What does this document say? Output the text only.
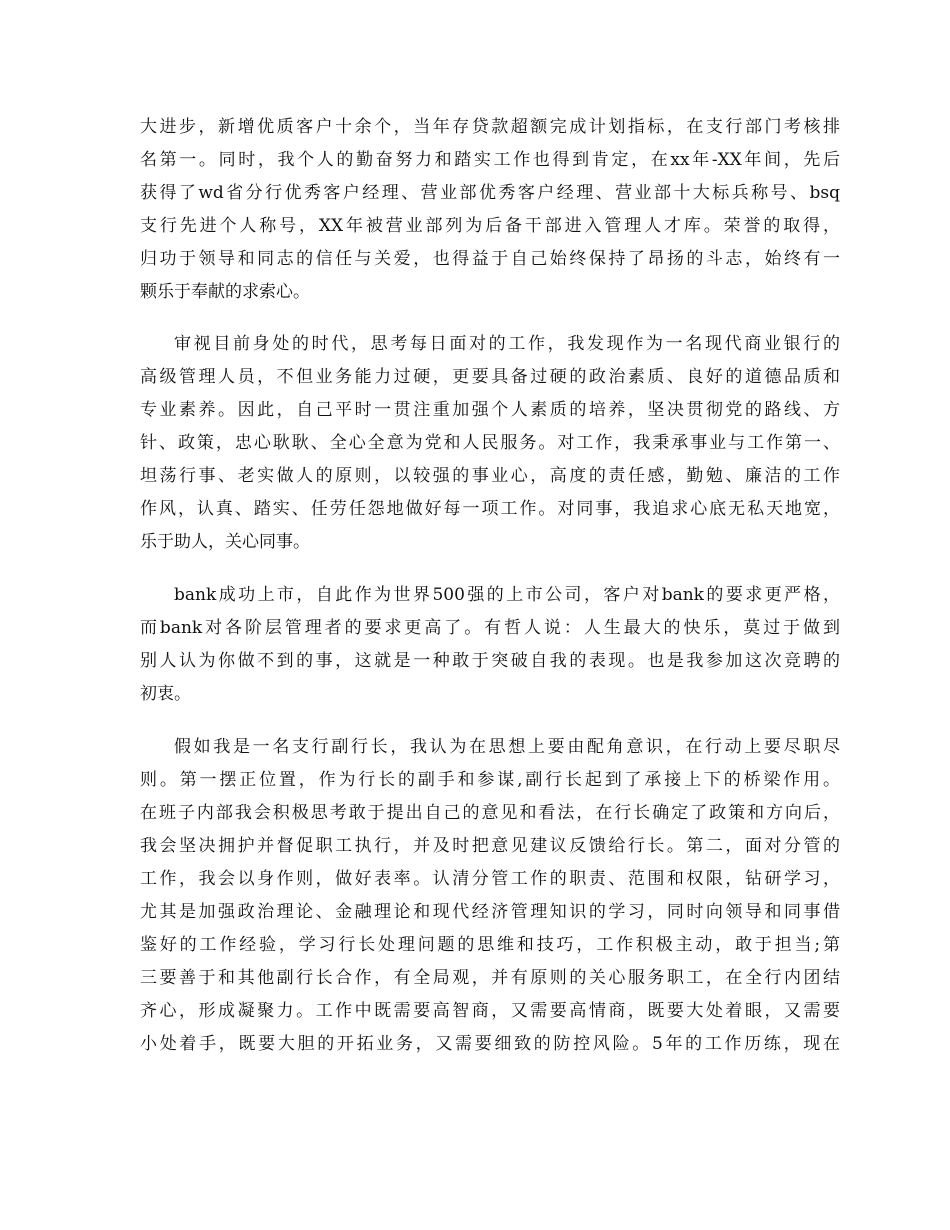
大进步，新增优质客户十余个，当年存贷款超额完成计划指标，在支行部门考核排
名第一。同时，我个人的勤奋努力和踏实工作也得到肯定，在xx年-XX年间，先后
获得了wd省分行优秀客户经理、营业部优秀客户经理、营业部十大标兵称号、bsq
支行先进个人称号，XX年被营业部列为后备干部进入管理人才库。荣誉的取得，
归功于领导和同志的信任与关爱，也得益于自己始终保持了昂扬的斗志，始终有一
颗乐于奉献的求索心。
审视目前身处的时代，思考每日面对的工作，我发现作为一名现代商业银行的
高级管理人员，不但业务能力过硬，更要具备过硬的政治素质、良好的道德品质和
专业素养。因此，自己平时一贯注重加强个人素质的培养，坚决贯彻党的路线、方
针、政策，忠心耿耿、全心全意为党和人民服务。对工作，我秉承事业与工作第一、
坦荡行事、老实做人的原则，以较强的事业心，高度的责任感，勤勉、廉洁的工作
作风，认真、踏实、任劳任怨地做好每一项工作。对同事，我追求心底无私天地宽，
乐于助人，关心同事。
bank成功上市，自此作为世界500强的上市公司，客户对bank的要求更严格，
而bank对各阶层管理者的要求更高了。有哲人说：人生最大的快乐，莫过于做到
别人认为你做不到的事，这就是一种敢于突破自我的表现。也是我参加这次竞聘的
初衷。
假如我是一名支行副行长，我认为在思想上要由配角意识，在行动上要尽职尽
则。第一摆正位置，作为行长的副手和参谋,副行长起到了承接上下的桥梁作用。
在班子内部我会积极思考敢于提出自己的意见和看法，在行长确定了政策和方向后，
我会坚决拥护并督促职工执行，并及时把意见建议反馈给行长。第二，面对分管的
工作，我会以身作则，做好表率。认清分管工作的职责、范围和权限，钻研学习，
尤其是加强政治理论、金融理论和现代经济管理知识的学习，同时向领导和同事借
鉴好的工作经验，学习行长处理问题的思维和技巧，工作积极主动，敢于担当;第
三要善于和其他副行长合作，有全局观，并有原则的关心服务职工，在全行内团结
齐心，形成凝聚力。工作中既需要高智商，又需要高情商，既要大处着眼，又需要
小处着手，既要大胆的开拓业务，又需要细致的防控风险。5年的工作历练，现在
